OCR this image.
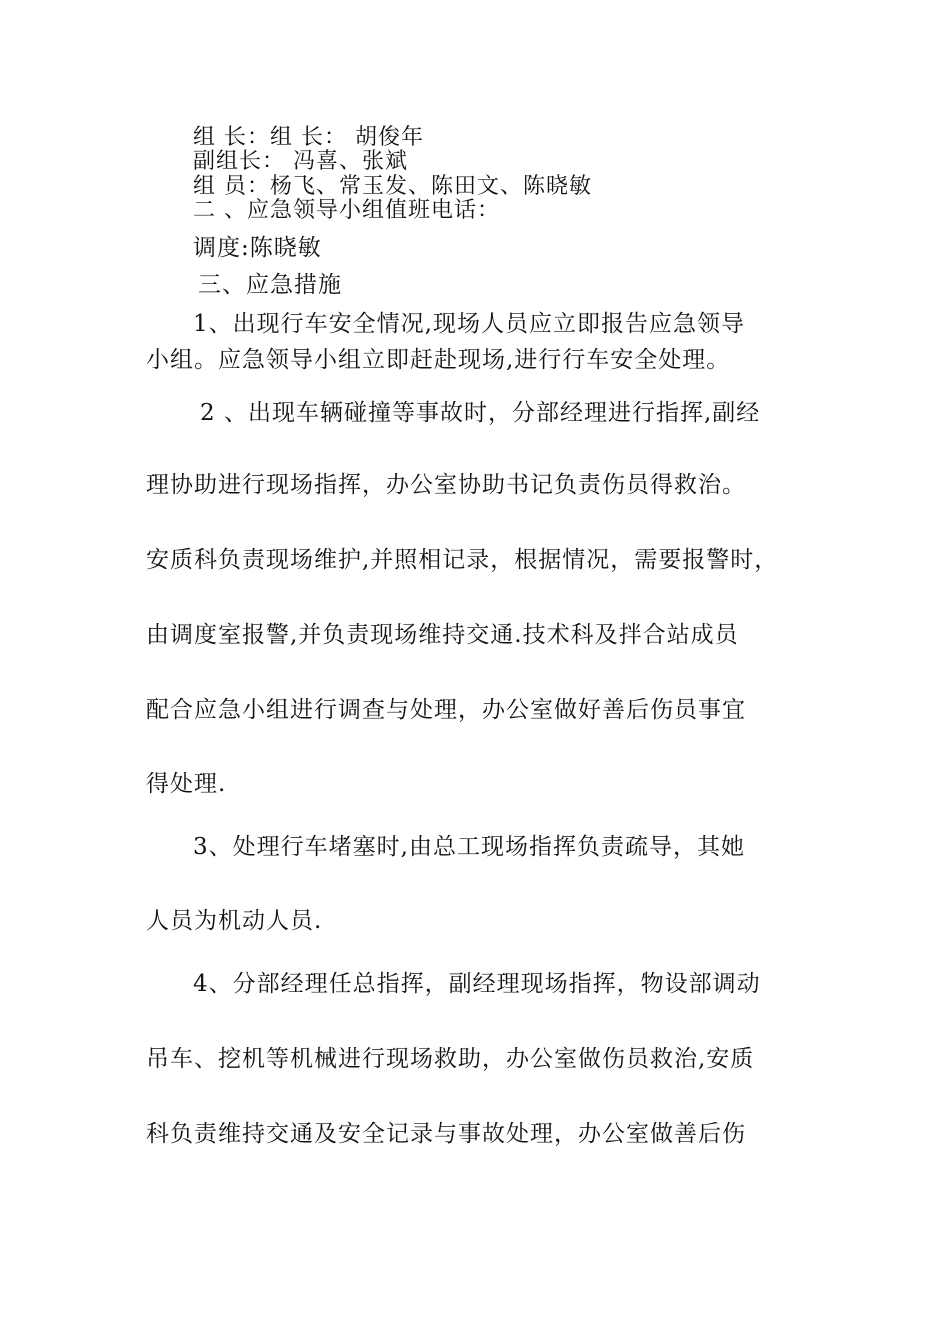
组 长：组 长： 胡俊年
副组长： 冯喜、张斌
组 员：杨飞、常玉发、陈田文、陈晓敏
二 、应急领导小组值班电话：
调度:陈晓敏
三、应急措施
1、出现行车安全情况,现场人员应立即报告应急领导
小组。应急领导小组立即赶赴现场,进行行车安全处理。
2 、出现车辆碰撞等事故时，分部经理进行指挥,副经
理协助进行现场指挥，办公室协助书记负责伤员得救治。
安质科负责现场维护,并照相记录，根据情况，需要报警时，
由调度室报警,并负责现场维持交通.技术科及拌合站成员
配合应急小组进行调查与处理，办公室做好善后伤员事宜
得处理.
3、处理行车堵塞时,由总工现场指挥负责疏导，其她
人员为机动人员.
4、分部经理任总指挥，副经理现场指挥，物设部调动
吊车、挖机等机械进行现场救助，办公室做伤员救治,安质
科负责维持交通及安全记录与事故处理，办公室做善后伤
